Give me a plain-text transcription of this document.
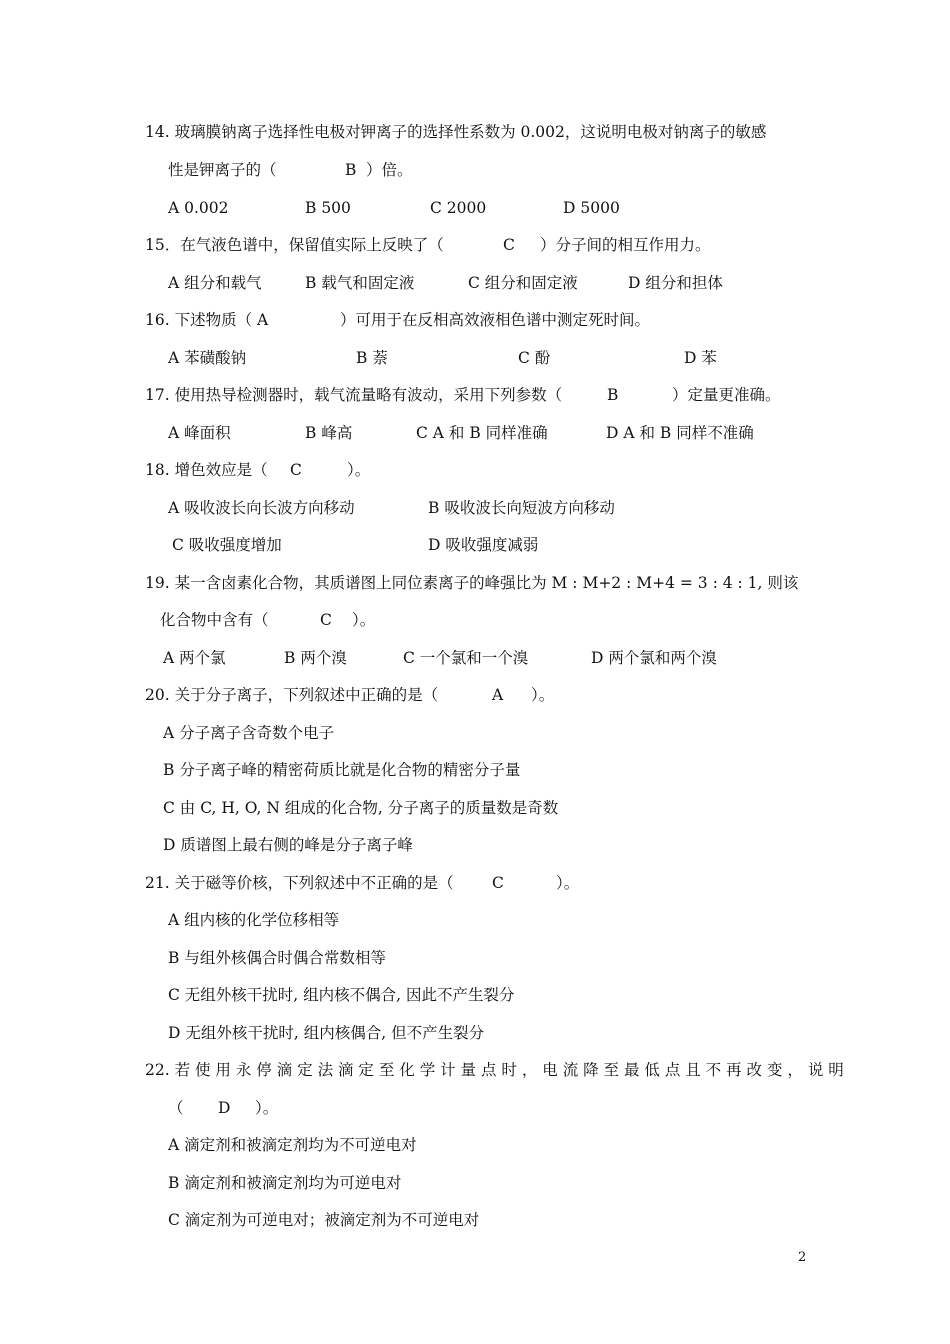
14. 玻璃膜钠离子选择性电极对钾离子的选择性系数为 0.002，这说明电极对钠离子的敏感
性是钾离子的（	B ）倍。
A 0.002	B 500	C 2000	D 5000
15．在气液色谱中，保留值实际上反映了（	C ）分子间的相互作用力。
A 组分和载气	B 载气和固定液	C 组分和固定液	D 组分和担体
16. 下述物质（ A	）可用于在反相高效液相色谱中测定死时间。
A 苯磺酸钠	B 萘	C 酚	D 苯
17. 使用热导检测器时，载气流量略有波动，采用下列参数（	B	）定量更准确。
A 峰面积	B 峰高	C A 和 B 同样准确	D A 和 B 同样不准确
18. 增色效应是（ C	）。
A 吸收波长向长波方向移动	B 吸收波长向短波方向移动
C 吸收强度增加	D 吸收强度减弱
19. 某一含卤素化合物，其质谱图上同位素离子的峰强比为 M : M+2 : M+4 = 3 : 4 : 1, 则该
化合物中含有（	C ）。
A 两个氯	B 两个溴	C 一个氯和一个溴	D 两个氯和两个溴
20. 关于分子离子，下列叙述中正确的是（	A ）。
A 分子离子含奇数个电子
B 分子离子峰的精密荷质比就是化合物的精密分子量
C 由 C, H, O, N 组成的化合物, 分子离子的质量数是奇数
D 质谱图上最右侧的峰是分子离子峰
21. 关于磁等价核，下列叙述中不正确的是（ C	）。
A 组内核的化学位移相等
B 与组外核偶合时偶合常数相等
C 无组外核干扰时, 组内核不偶合, 因此不产生裂分
D 无组外核干扰时, 组内核偶合, 但不产生裂分
22. 若 使 用 永 停 滴 定 法 滴 定 至 化 学 计 量 点 时 ， 电 流 降 至 最 低 点 且 不 再 改 变 ， 说 明
（ D ）。
A 滴定剂和被滴定剂均为不可逆电对
B 滴定剂和被滴定剂均为可逆电对
C 滴定剂为可逆电对；被滴定剂为不可逆电对
2
